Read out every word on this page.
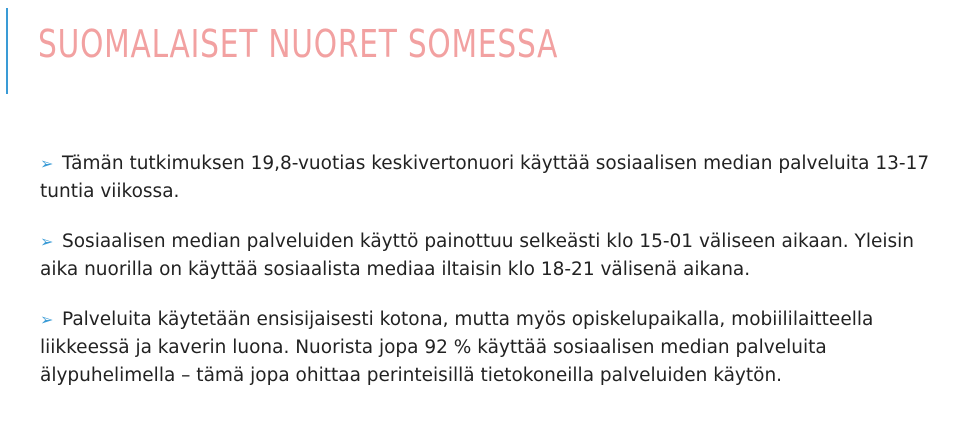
SUOMALAISET NUORET SOMESSA
➢ Tämän tutkimuksen 19,8-vuotias keskivertonuori käyttää sosiaalisen median palveluita 13-17 tuntia viikossa.
➢ Sosiaalisen median palveluiden käyttö painottuu selkeästi klo 15-01 väliseen aikaan. Yleisin aika nuorilla on käyttää sosiaalista mediaa iltaisin klo 18-21 välisenä aikana.
➢ Palveluita käytetään ensisijaisesti kotona, mutta myös opiskelupaikalla, mobiililaitteella liikkeessä ja kaverin luona. Nuorista jopa 92 % käyttää sosiaalisen median palveluita älypuhelimella – tämä jopa ohittaa perinteisillä tietokoneilla palveluiden käytön.
